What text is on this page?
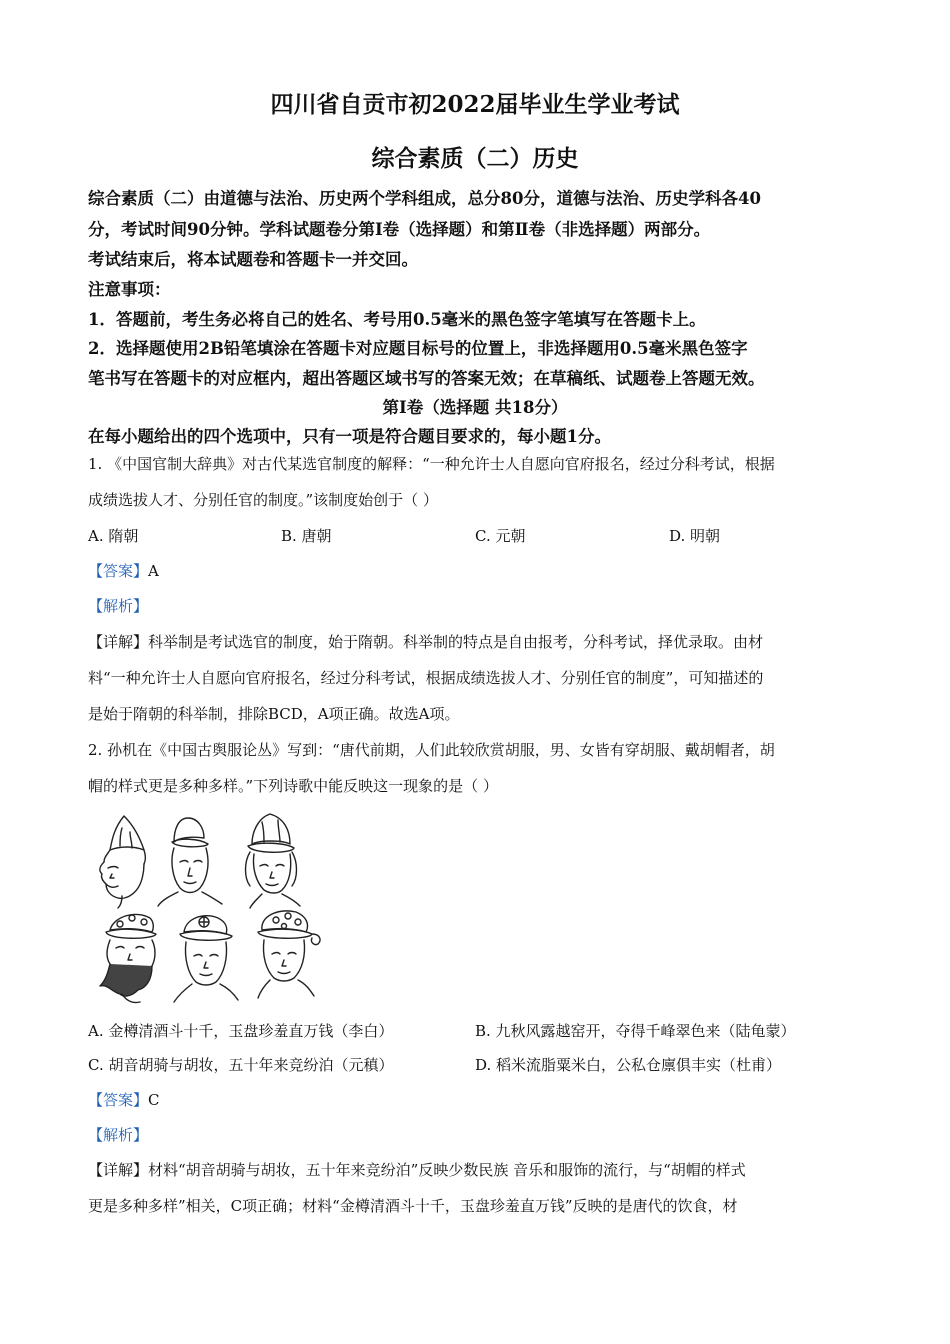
四川省自贡市初2022届毕业生学业考试
综合素质（二）历史
综合素质（二）由道德与法治、历史两个学科组成，总分80分，道德与法治、历史学科各40
分，考试时间90分钟。学科试题卷分第Ⅰ卷（选择题）和第Ⅱ卷（非选择题）两部分。
考试结束后，将本试题卷和答题卡一并交回。
注意事项：
1．答题前，考生务必将自己的姓名、考号用0.5毫米的黑色签字笔填写在答题卡上。
2．选择题使用2B铅笔填涂在答题卡对应题目标号的位置上，非选择题用0.5毫米黑色签字
笔书写在答题卡的对应框内，超出答题区域书写的答案无效；在草稿纸、试题卷上答题无效。
第Ⅰ卷（选择题 共18分）
在每小题给出的四个选项中，只有一项是符合题目要求的，每小题1分。
1. 《中国官制大辞典》对古代某选官制度的解释：“一种允许士人自愿向官府报名，经过分科考试，根据
成绩选拔人才、分别任官的制度。”该制度始创于（ ）
A. 隋朝	B. 唐朝	C. 元朝	D. 明朝
【答案】A
【解析】
【详解】科举制是考试选官的制度，始于隋朝。科举制的特点是自由报考，分科考试，择优录取。由材
料“一种允许士人自愿向官府报名，经过分科考试，根据成绩选拔人才、分别任官的制度”，可知描述的
是始于隋朝的科举制，排除BCD，A项正确。故选A项。
2. 孙机在《中国古舆服论丛》写到：“唐代前期，人们此较欣赏胡服，男、女皆有穿胡服、戴胡帽者，胡
帽的样式更是多种多样。”下列诗歌中能反映这一现象的是（ ）
A. 金樽清酒斗十千，玉盘珍羞直万钱（李白）	B. 九秋风露越窑开，夺得千峰翠色来（陆龟蒙）
C. 胡音胡骑与胡妆，五十年来竞纷泊（元稹）	D. 稻米流脂粟米白，公私仓廪俱丰实（杜甫）
【答案】C
【解析】
【详解】材料“胡音胡骑与胡妆，五十年来竞纷泊”反映少数民族 音乐和服饰的流行，与“胡帽的样式
更是多种多样”相关，C项正确；材料“金樽清酒斗十千，玉盘珍羞直万钱”反映的是唐代的饮食，材
